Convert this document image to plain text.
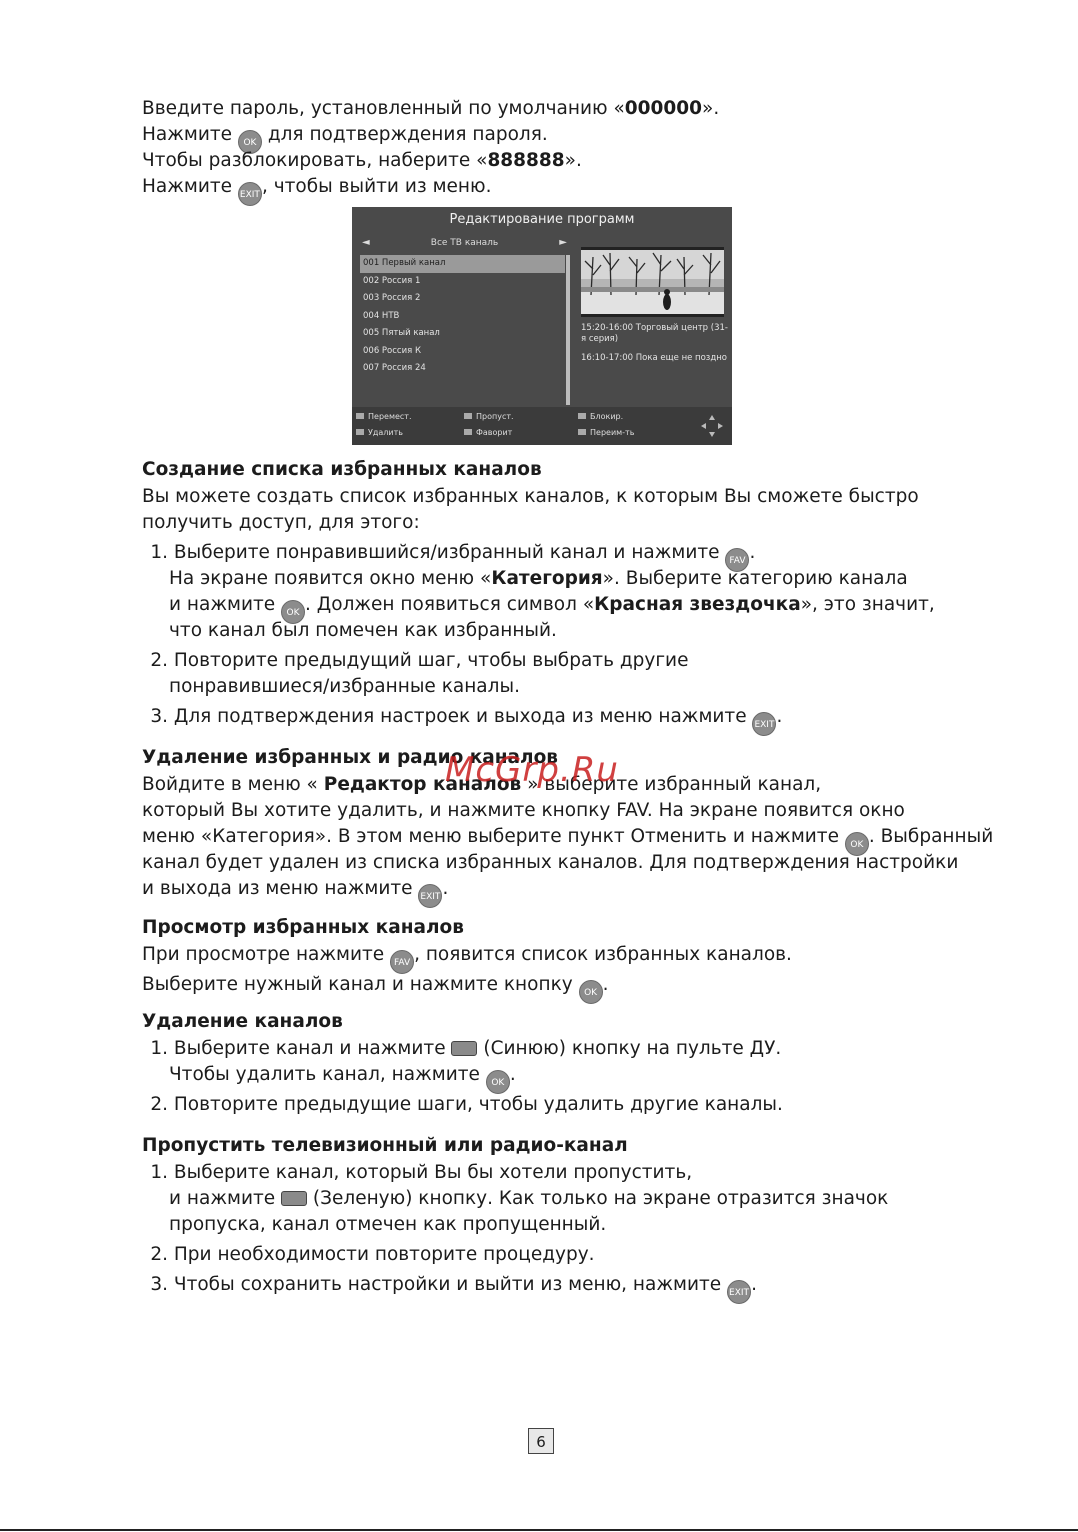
Введите пароль, установленный по умолчанию «000000».

Нажмите OK для подтверждения пароля.

Чтобы разблокировать, наберите «888888».

Нажмите EXIT , чтобы выйти из меню.

Редактирование программ
◄	Все ТВ каналь	►
001 Первый канал
002 Россия 1
003 Россия 2
004 НТВ
005 Пятый канал
006 Россия К
007 Россия 24
15:20-16:00 Торговый центр (31-я серия)
16:10-17:00 Пока еще не поздно
Перемест.	Пропуст.	Блокир.
Удалить	Фаворит	Переим-ть

Создание списка избранных каналов

Вы можете создать список избранных каналов, к которым Вы сможете быстро

получить доступ, для этого:

1. Выберите понравившийся/избранный канал и нажмите FAV .

На экране появится окно меню «Категория». Выберите категорию канала

и нажмите OK . Должен появиться символ «Красная звездочка», это значит,

что канал был помечен как избранный.

2. Повторите предыдущий шаг, чтобы выбрать другие

понравившиеся/избранные каналы.

3. Для подтверждения настроек и выхода из меню нажмите EXIT .

Удаление избранных и радио каналов

Войдите в меню « Редактор каналов » выберите избранный канал,

который Вы хотите удалить, и нажмите кнопку FAV. На экране появится окно

меню «Категория». В этом меню выберите пункт Отменить и нажмите OK . Выбранный

канал будет удален из списка избранных каналов. Для подтверждения настройки

и выхода из меню нажмите EXIT .

Просмотр избранных каналов

При просмотре нажмите FAV , появится список избранных каналов.

Выберите нужный канал и нажмите кнопку OK .

Удаление каналов

1. Выберите канал и нажмите  (Синюю) кнопку на пульте ДУ.

Чтобы удалить канал, нажмите OK .

2. Повторите предыдущие шаги, чтобы удалить другие каналы.

Пропустить телевизионный или радио-канал

1. Выберите канал, который Вы бы хотели пропустить,

и нажмите  (Зеленую) кнопку. Как только на экране отразится значок

пропуска, канал отмечен как пропущенный.

2. При необходимости повторите процедуру.

3. Чтобы сохранить настройки и выйти из меню, нажмите EXIT .

McGrp.Ru
6
